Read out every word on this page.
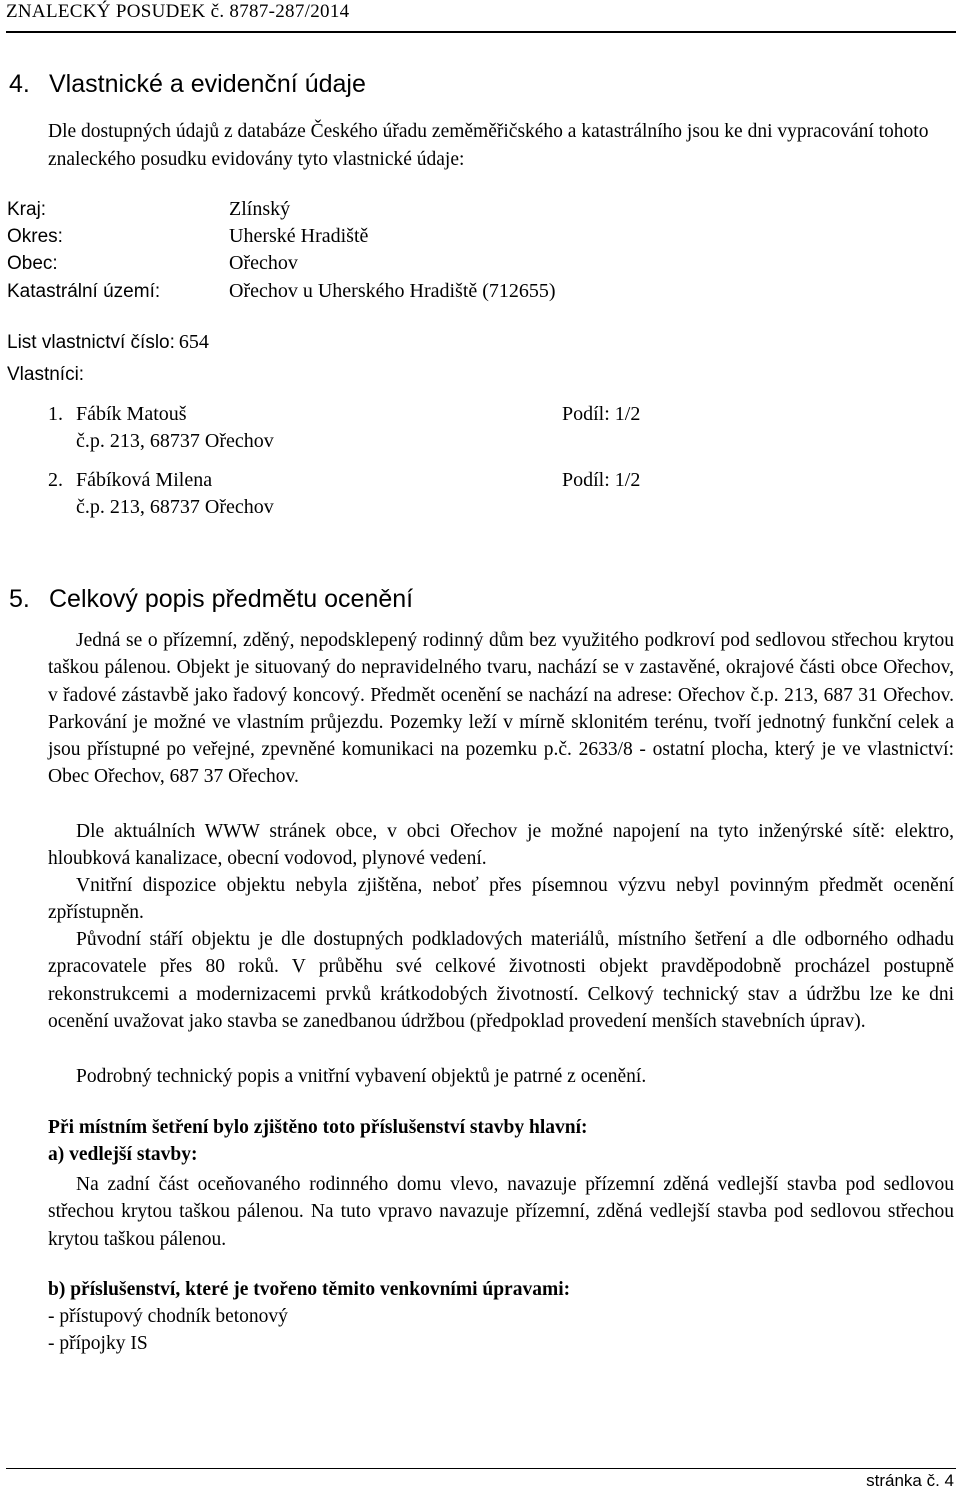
ZNALECKÝ POSUDEK č. 8787-287/2014
4. Vlastnické a evidenční údaje
Dle dostupných údajů z databáze Českého úřadu zeměměřičského a katastrálního jsou ke dni vypracování tohoto znaleckého posudku evidovány tyto vlastnické údaje:
Kraj:	Zlínský
Okres:	Uherské Hradiště
Obec:	Ořechov
Katastrální území:	Ořechov u Uherského Hradiště (712655)
List vlastnictví číslo: 654
Vlastníci:
1. Fábík Matouš	Podíl: 1/2
č.p. 213, 68737 Ořechov
2. Fábíková Milena	Podíl: 1/2
č.p. 213, 68737 Ořechov
5. Celkový popis předmětu ocenění
Jedná se o přízemní, zděný, nepodsklepený rodinný dům bez využitého podkroví pod sedlovou střechou krytou taškou pálenou. Objekt je situovaný do nepravidelného tvaru, nachází se v zastavěné, okrajové části obce Ořechov, v řadové zástavbě jako řadový koncový. Předmět ocenění se nachází na adrese: Ořechov č.p. 213, 687 31 Ořechov. Parkování je možné ve vlastním průjezdu. Pozemky leží v mírně sklonitém terénu, tvoří jednotný funkční celek a jsou přístupné po veřejné, zpevněné komunikaci na pozemku p.č. 2633/8 - ostatní plocha, který je ve vlastnictví: Obec Ořechov, 687 37 Ořechov.
Dle aktuálních WWW stránek obce, v obci Ořechov je možné napojení na tyto inženýrské sítě: elektro, hloubková kanalizace, obecní vodovod, plynové vedení.
Vnitřní dispozice objektu nebyla zjištěna, neboť přes písemnou výzvu nebyl povinným předmět ocenění zpřístupněn.
Původní stáří objektu je dle dostupných podkladových materiálů, místního šetření a dle odborného odhadu zpracovatele přes 80 roků. V průběhu své celkové životnosti objekt pravděpodobně procházel postupně rekonstrukcemi a modernizacemi prvků krátkodobých životností. Celkový technický stav a údržbu lze ke dni ocenění uvažovat jako stavba se zanedbanou údržbou (předpoklad provedení menších stavebních úprav).
Podrobný technický popis a vnitřní vybavení objektů je patrné z ocenění.
Při místním šetření bylo zjištěno toto příslušenství stavby hlavní:
a) vedlejší stavby:
Na zadní část oceňovaného rodinného domu vlevo, navazuje přízemní zděná vedlejší stavba pod sedlovou střechou krytou taškou pálenou. Na tuto vpravo navazuje přízemní, zděná vedlejší stavba pod sedlovou střechou krytou taškou pálenou.
b) příslušenství, které je tvořeno těmito venkovními úpravami:
- přístupový chodník betonový
- přípojky IS
stránka č. 4
